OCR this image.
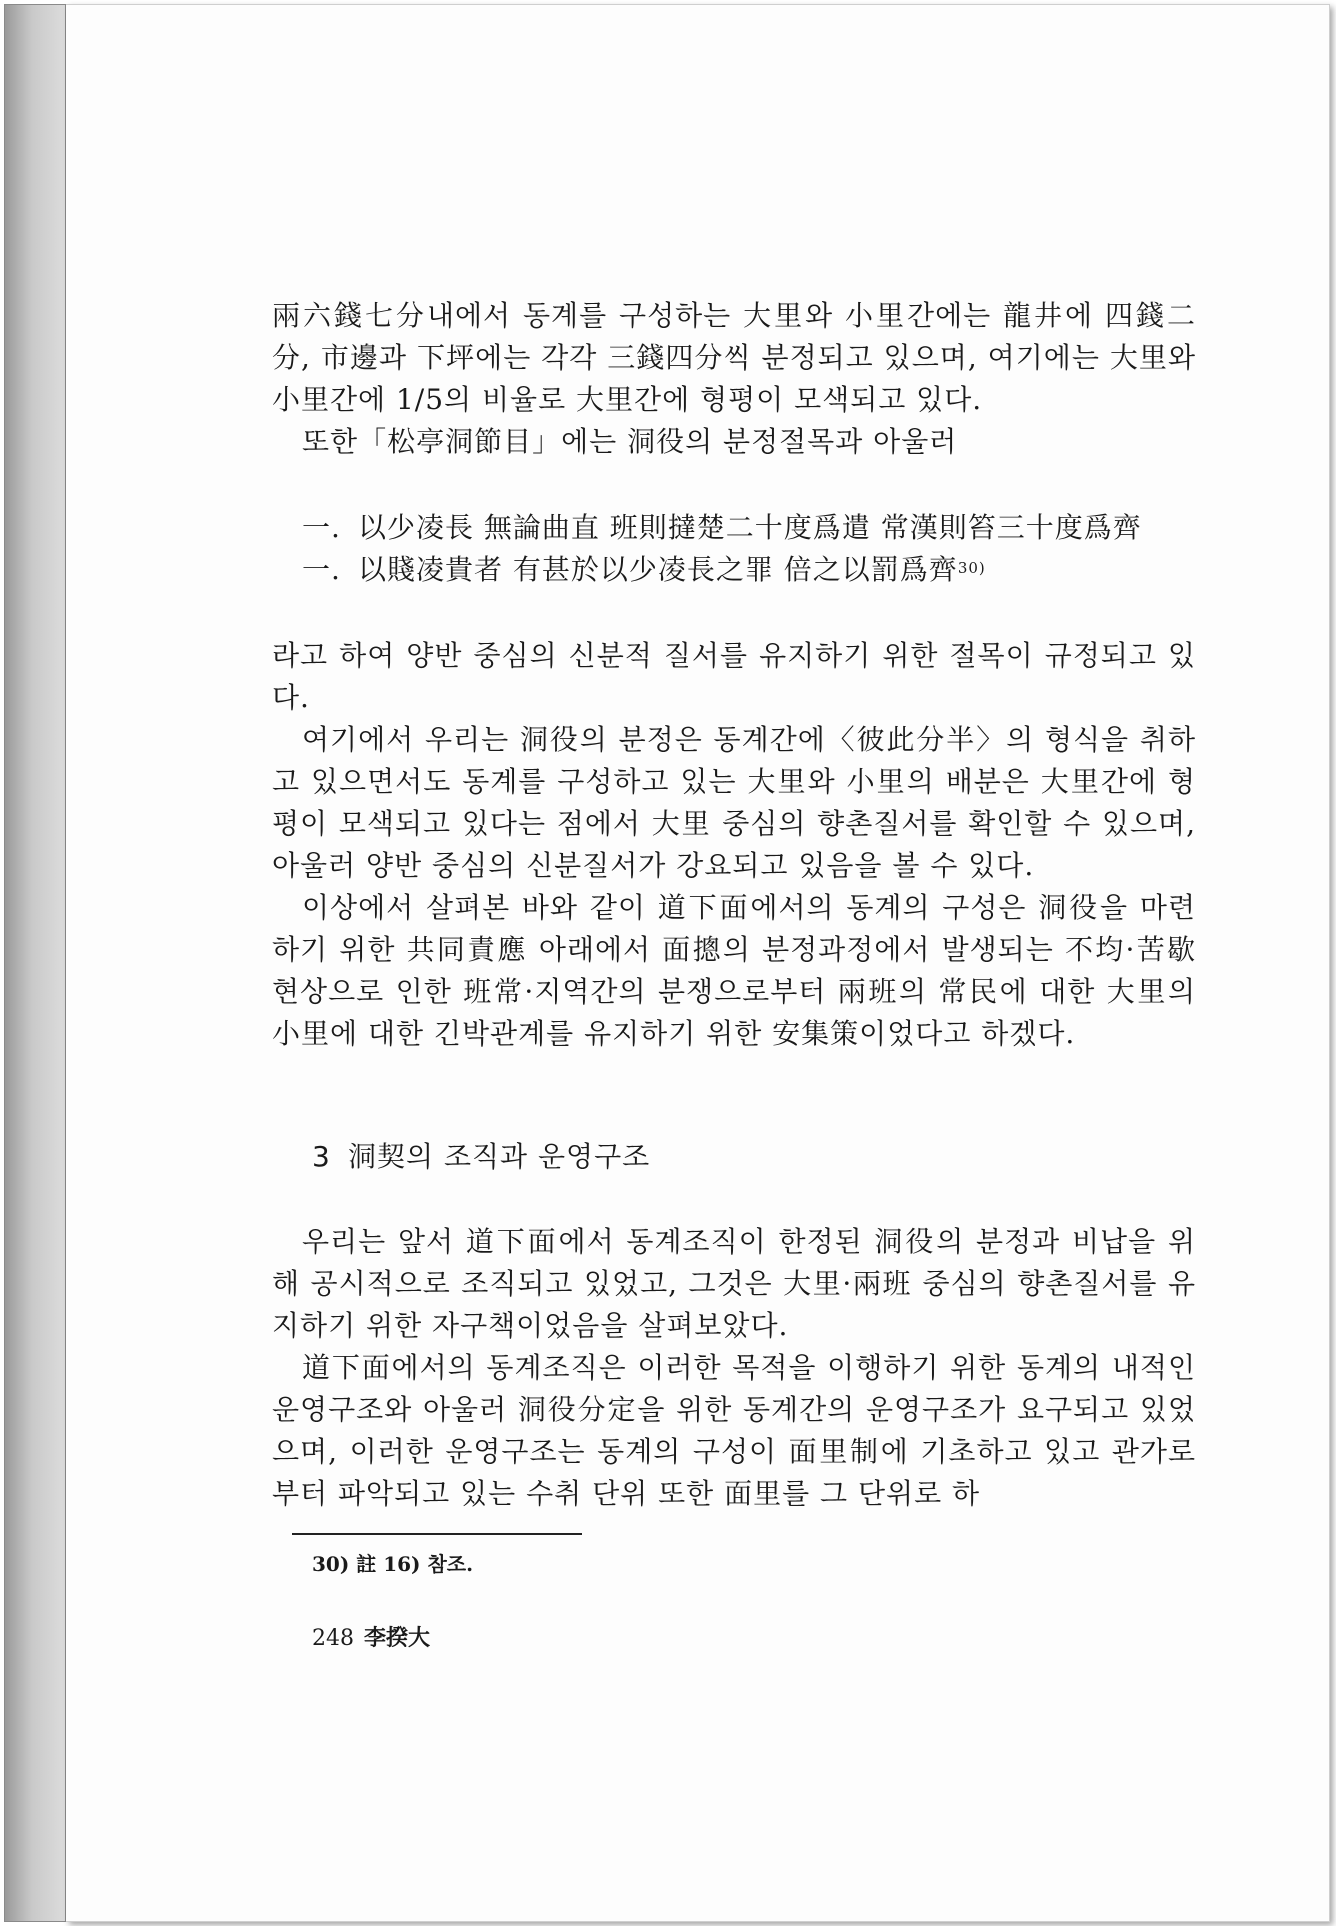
兩六錢七分내에서 동계를 구성하는 大里와 小里간에는 龍井에 四錢二分, 市邊과 下坪에는 각각 三錢四分씩 분정되고 있으며, 여기에는 大里와 小里간에 1/5의 비율로 大里간에 형평이 모색되고 있다.

또한「松亭洞節目」에는 洞役의 분정절목과 아울러

一. 以少凌長 無論曲直 班則撻楚二十度爲遣 常漢則笞三十度爲齊
一. 以賤凌貴者 有甚於以少凌長之罪 倍之以罰爲齊$^{30)}$

라고 하여 양반 중심의 신분적 질서를 유지하기 위한 절목이 규정되고 있다.

여기에서 우리는 洞役의 분정은 동계간에〈彼此分半〉의 형식을 취하고 있으면서도 동계를 구성하고 있는 大里와 小里의 배분은 大里간에 형평이 모색되고 있다는 점에서 大里 중심의 향촌질서를 확인할 수 있으며, 아울러 양반 중심의 신분질서가 강요되고 있음을 볼 수 있다.

이상에서 살펴본 바와 같이 道下面에서의 동계의 구성은 洞役을 마련하기 위한 共同責應 아래에서 面摠의 분정과정에서 발생되는 不均·苦歇 현상으로 인한 班常·지역간의 분쟁으로부터 兩班의 常民에 대한 大里의 小里에 대한 긴박관계를 유지하기 위한 安集策이었다고 하겠다.

3 洞契의 조직과 운영구조

우리는 앞서 道下面에서 동계조직이 한정된 洞役의 분정과 비납을 위해 공시적으로 조직되고 있었고, 그것은 大里·兩班 중심의 향촌질서를 유지하기 위한 자구책이었음을 살펴보았다.

道下面에서의 동계조직은 이러한 목적을 이행하기 위한 동계의 내적인 운영구조와 아울러 洞役分定을 위한 동계간의 운영구조가 요구되고 있었으며, 이러한 운영구조는 동계의 구성이 面里制에 기초하고 있고 관가로부터 파악되고 있는 수취 단위 또한 面里를 그 단위로 하

30) 註 16) 참조.

248 李揆大
